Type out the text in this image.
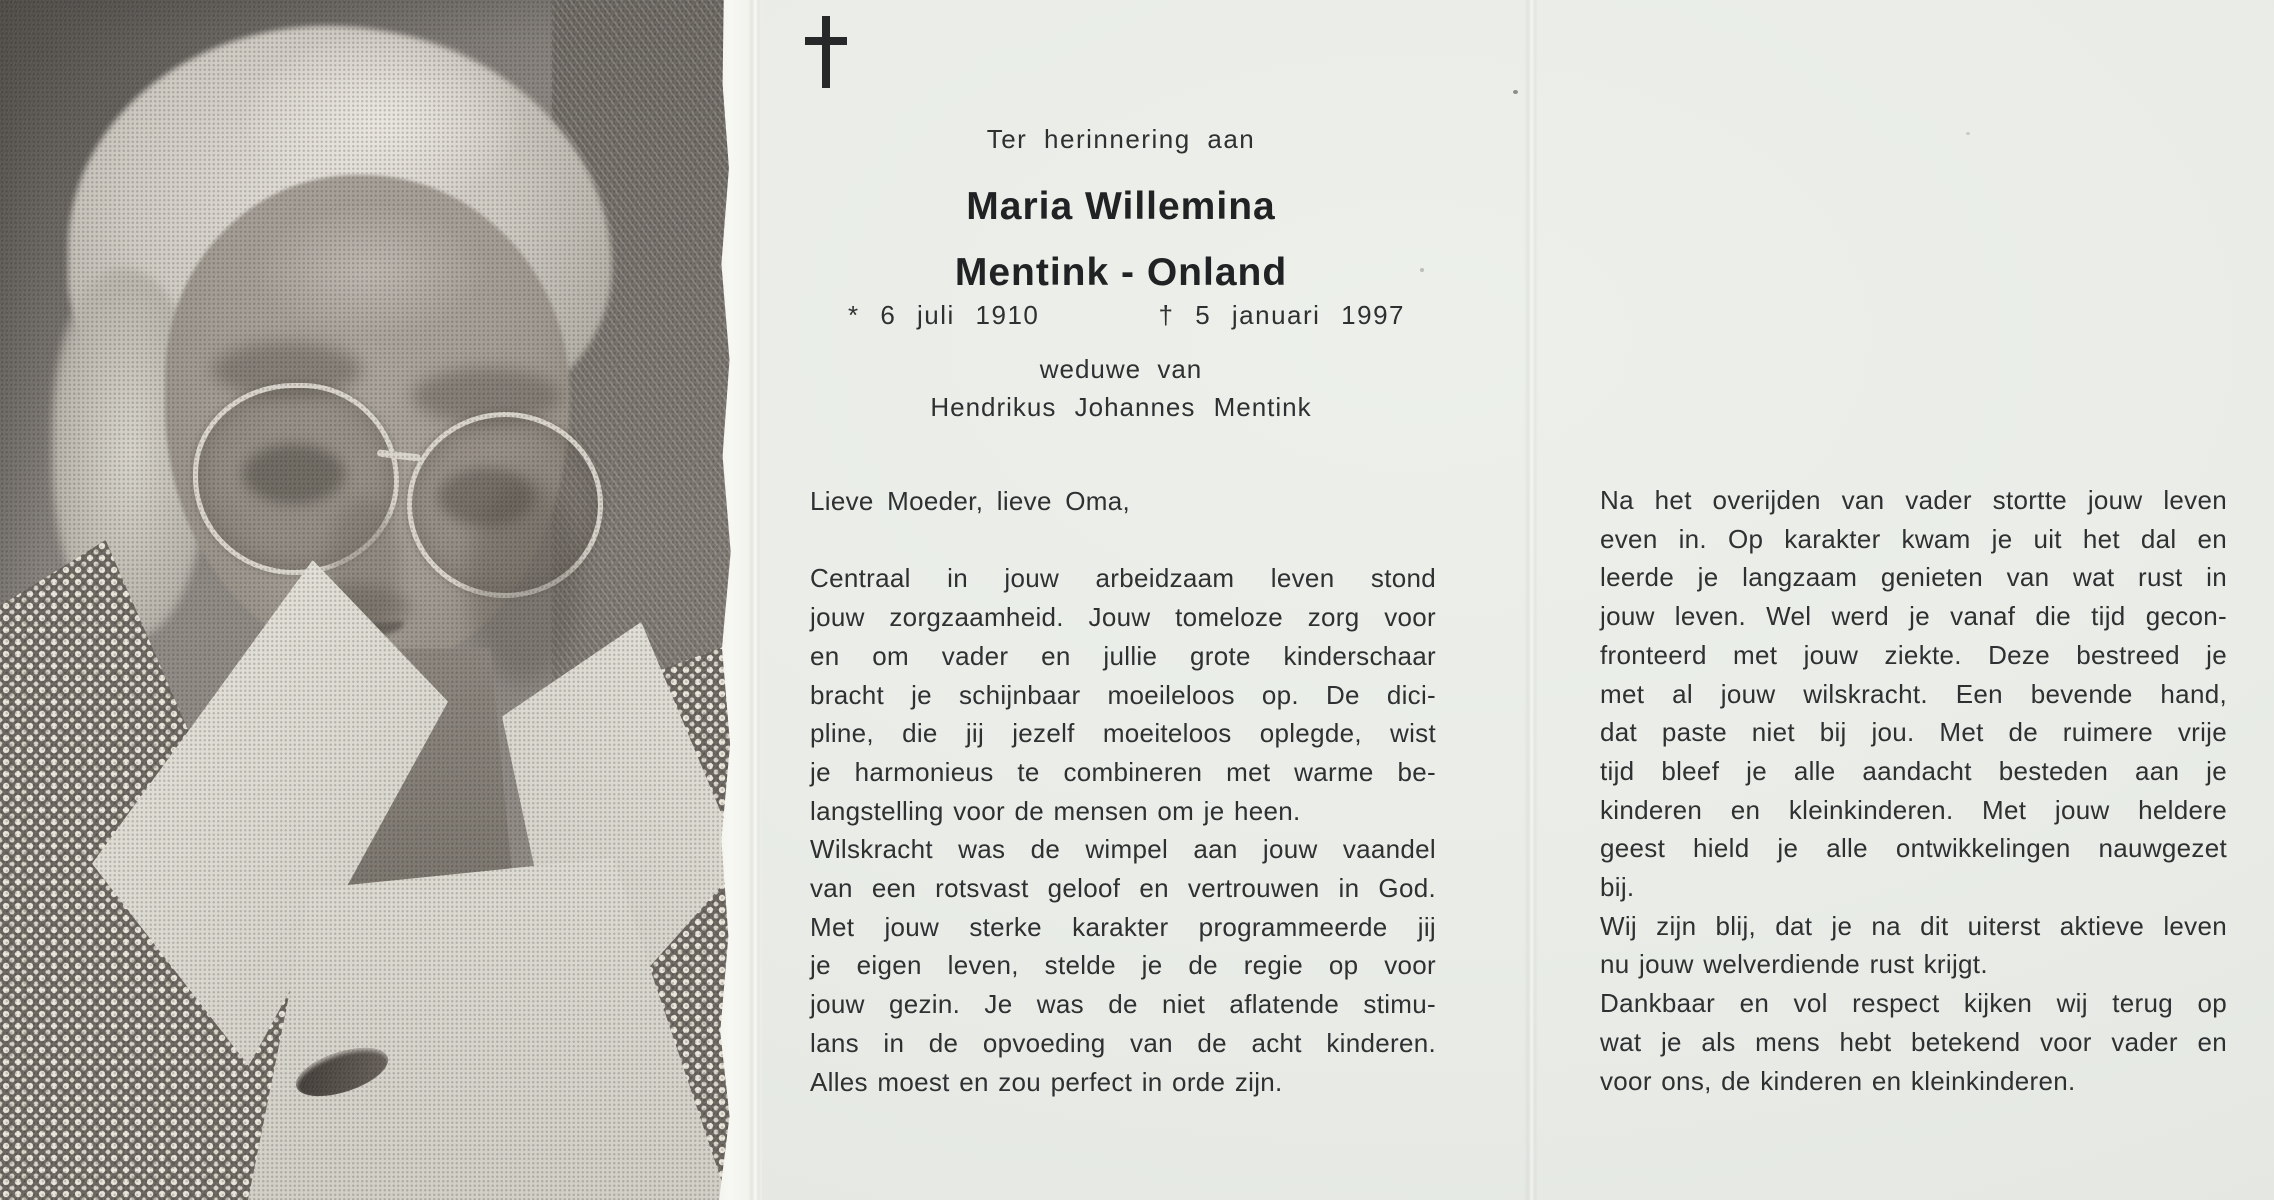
Ter herinnering aan
Maria Willemina
Mentink - Onland
* 6 juli 1910	† 5 januari 1997
weduwe van
Hendrikus Johannes Mentink
Lieve Moeder, lieve Oma,
Centraal in jouw arbeidzaam leven stond
jouw zorgzaamheid. Jouw tomeloze zorg voor
en om vader en jullie grote kinderschaar
bracht je schijnbaar moeileloos op. De dici-
pline, die jij jezelf moeiteloos oplegde, wist
je harmonieus te combineren met warme be-
langstelling voor de mensen om je heen.
Wilskracht was de wimpel aan jouw vaandel
van een rotsvast geloof en vertrouwen in God.
Met jouw sterke karakter programmeerde jij
je eigen leven, stelde je de regie op voor
jouw gezin. Je was de niet aflatende stimu-
lans in de opvoeding van de acht kinderen.
Alles moest en zou perfect in orde zijn.
Na het overijden van vader stortte jouw leven
even in. Op karakter kwam je uit het dal en
leerde je langzaam genieten van wat rust in
jouw leven. Wel werd je vanaf die tijd gecon-
fronteerd met jouw ziekte. Deze bestreed je
met al jouw wilskracht. Een bevende hand,
dat paste niet bij jou. Met de ruimere vrije
tijd bleef je alle aandacht besteden aan je
kinderen en kleinkinderen. Met jouw heldere
geest hield je alle ontwikkelingen nauwgezet
bij.
Wij zijn blij, dat je na dit uiterst aktieve leven
nu jouw welverdiende rust krijgt.
Dankbaar en vol respect kijken wij terug op
wat je als mens hebt betekend voor vader en
voor ons, de kinderen en kleinkinderen.
